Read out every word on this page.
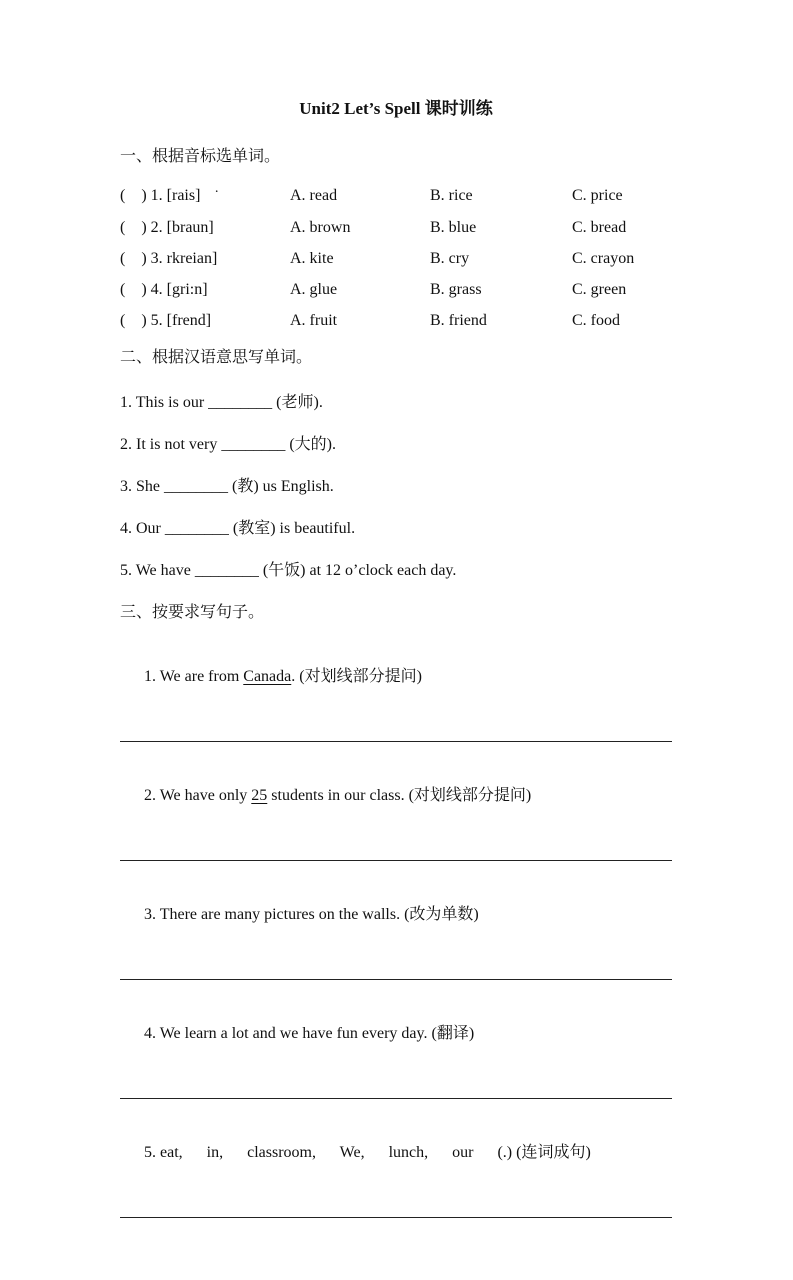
Unit2 Let’s Spell 课时训练
一、根据音标选单词。
(    ) 1. [rais] ·	A. read	B. rice	C. price
(    ) 2. [braun]	A. brown	B. blue	C. bread
(    ) 3. rkreian]	A. kite	B. cry	C. crayon
(    ) 4. [gri:n]	A. glue	B. grass	C. green
(    ) 5. [frend]	A. fruit	B. friend	C. food
二、根据汉语意思写单词。
1. This is our ________ (老师).
2. It is not very ________ (大的).
3. She ________ (教) us English.
4. Our ________ (教室) is beautiful.
5. We have ________ (午饭) at 12 o’clock each day.
三、按要求写句子。

1. We are from Canada. (对划线部分提问)

2. We have only 25 students in our class. (对划线部分提问)

3. There are many pictures on the walls. (改为单数)

4. We learn a lot and we have fun every day. (翻译)

5. eat,      in,      classroom,      We,      lunch,      our      (.) (连词成句)
